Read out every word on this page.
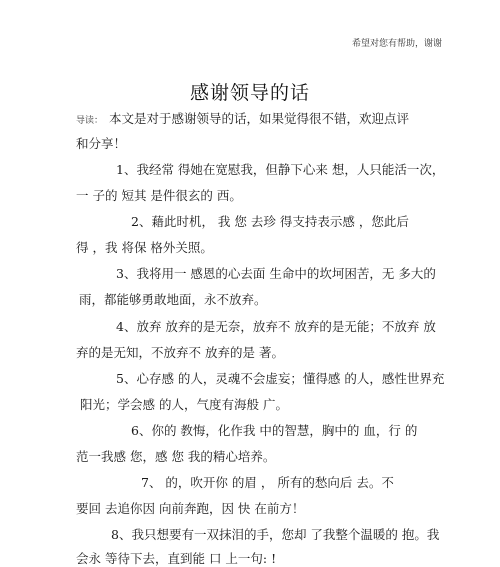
希望对您有帮助，谢谢
感谢领导的话
导读： 本文是对于感谢领导的话，如果觉得很不错，欢迎点评
和分享！
1、我经常 得她在宽慰我，但静下心来 想，人只能活一次，
一 子的 短其 是件很玄的 西。
2、藉此时机， 我 您 去珍 得支持表示感 ，您此后
得 ，我 将保 格外关照。
3、我将用一 感恩的心去面 生命中的坎坷困苦，无 多大的
雨，都能够勇敢地面，永不放弃。
4、放弃 放弃的是无奈，放弃不 放弃的是无能；不放弃 放
弃的是无知，不放弃不 放弃的是 著。
5、心存感 的人，灵魂不会虚妄；懂得感 的人，感性世界充
阳光；学会感 的人，气度有海般 广。
6、你的 教悔，化作我 中的智慧，胸中的 血，行 的
范一我感 您，感 您 我的精心培养。
7、 的，吹开你 的眉 ， 所有的愁向后 去。不
要回 去追你因 向前奔跑，因 快 在前方！
8、我只想要有一双抹泪的手，您却 了我整个温暖的 抱。我
会永 等待下去，直到能 口 上一句: !
